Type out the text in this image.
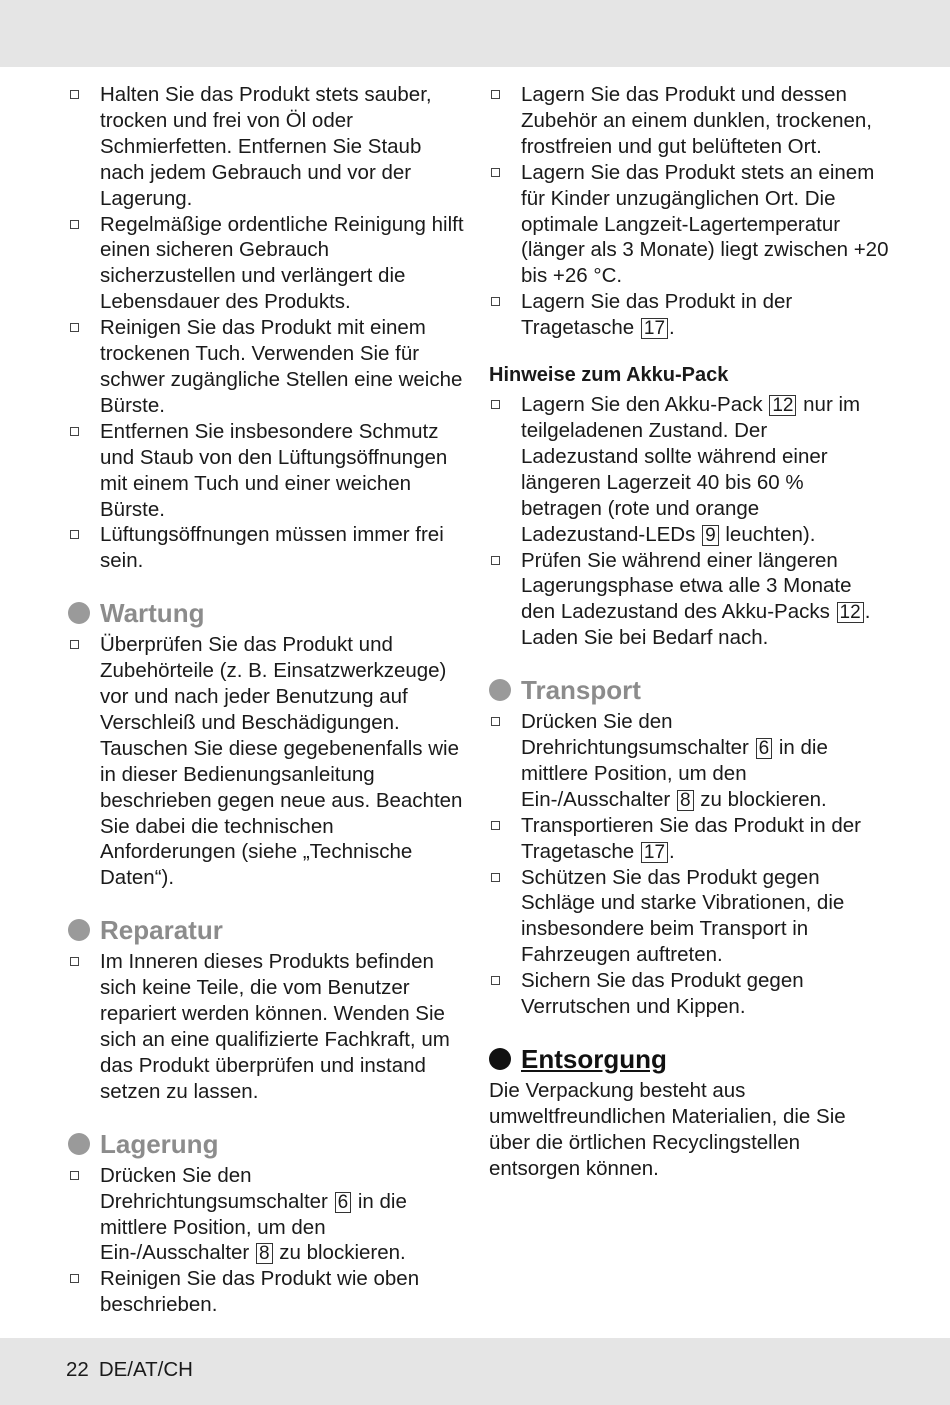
Halten Sie das Produkt stets sauber, trocken und frei von Öl oder Schmierfetten. Entfernen Sie Staub nach jedem Gebrauch und vor der Lagerung.
Regelmäßige ordentliche Reinigung hilft einen sicheren Gebrauch sicherzustellen und verlängert die Lebensdauer des Produkts.
Reinigen Sie das Produkt mit einem trockenen Tuch. Verwenden Sie für schwer zugängliche Stellen eine weiche Bürste.
Entfernen Sie insbesondere Schmutz und Staub von den Lüftungsöffnungen mit einem Tuch und einer weichen Bürste.
Lüftungsöffnungen müssen immer frei sein.
Wartung
Überprüfen Sie das Produkt und Zubehörteile (z. B. Einsatzwerkzeuge) vor und nach jeder Benutzung auf Verschleiß und Beschädigungen. Tauschen Sie diese gegebenenfalls wie in dieser Bedienungsanleitung beschrieben gegen neue aus. Beachten Sie dabei die technischen Anforderungen (siehe „Technische Daten“).
Reparatur
Im Inneren dieses Produkts befinden sich keine Teile, die vom Benutzer repariert werden können. Wenden Sie sich an eine qualifizierte Fachkraft, um das Produkt überprüfen und instand setzen zu lassen.
Lagerung
Drücken Sie den Drehrichtungsumschalter 6 in die mittlere Position, um den Ein-/Ausschalter 8 zu blockieren.
Reinigen Sie das Produkt wie oben beschrieben.
Lagern Sie das Produkt und dessen Zubehör an einem dunklen, trockenen, frostfreien und gut belüfteten Ort.
Lagern Sie das Produkt stets an einem für Kinder unzugänglichen Ort. Die optimale Langzeit-Lagertemperatur (länger als 3 Monate) liegt zwischen +20 bis +26 °C.
Lagern Sie das Produkt in der Tragetasche 17 .
Hinweise zum Akku-Pack
Lagern Sie den Akku-Pack 12 nur im teilgeladenen Zustand. Der Ladezustand sollte während einer längeren Lagerzeit 40 bis 60 % betragen (rote und orange Ladezustand-LEDs 9 leuchten).
Prüfen Sie während einer längeren Lagerungsphase etwa alle 3 Monate den Ladezustand des Akku-Packs 12 . Laden Sie bei Bedarf nach.
Transport
Drücken Sie den Drehrichtungsumschalter 6 in die mittlere Position, um den Ein-/Ausschalter 8 zu blockieren.
Transportieren Sie das Produkt in der Tragetasche 17 .
Schützen Sie das Produkt gegen Schläge und starke Vibrationen, die insbesondere beim Transport in Fahrzeugen auftreten.
Sichern Sie das Produkt gegen Verrutschen und Kippen.
Entsorgung

Die Verpackung besteht aus umweltfreundlichen Materialien, die Sie über die örtlichen Recyclingstellen entsorgen können.

22 DE/AT/CH
